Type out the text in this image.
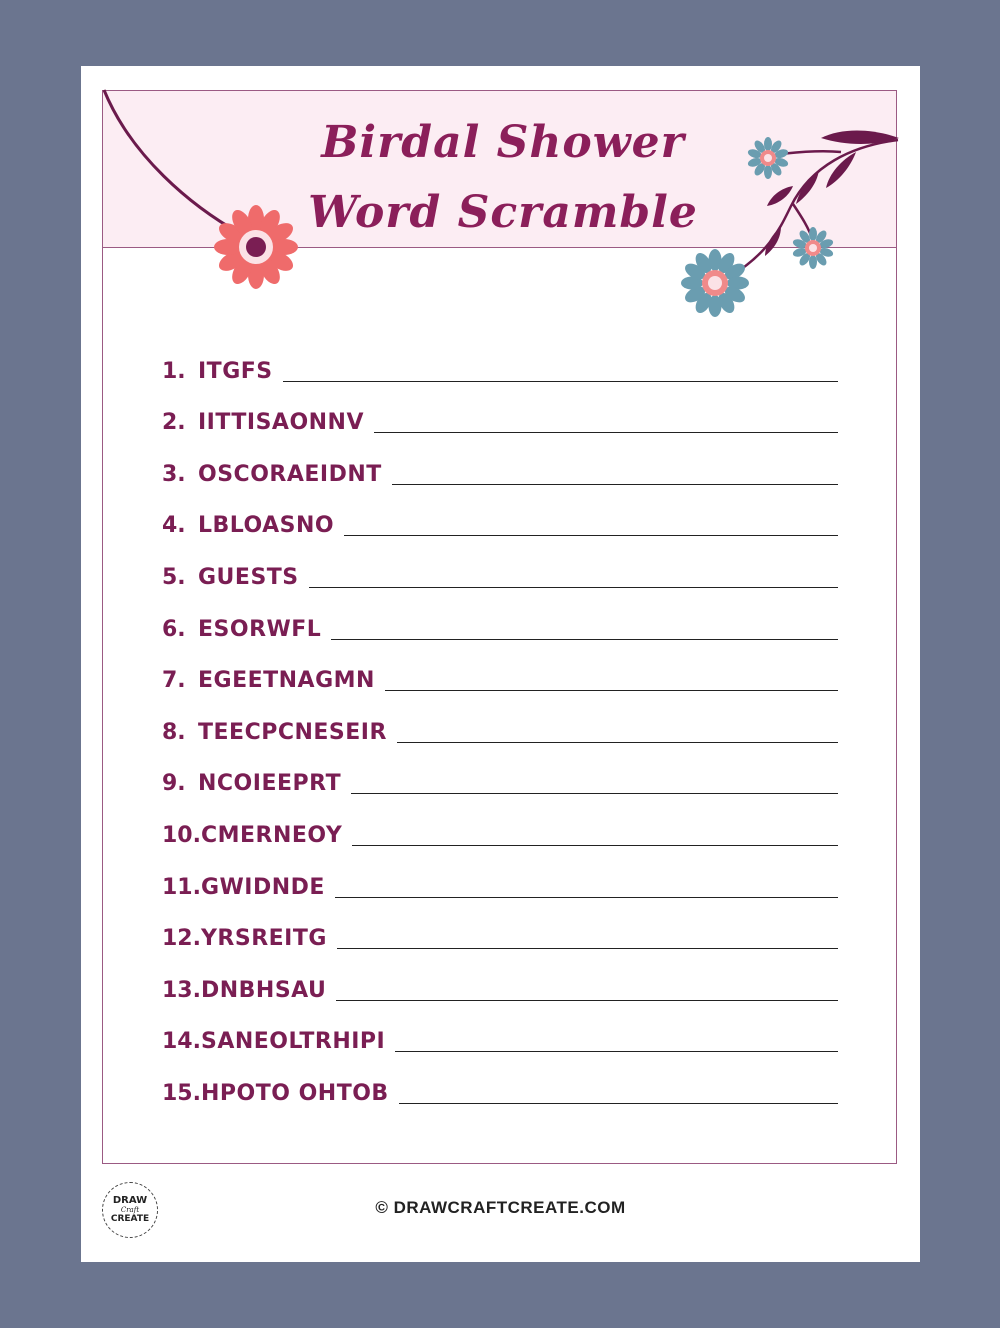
Birdal Shower
Word Scramble
DRAW
Craft
CREATE
© DRAWCRAFTCREATE.COM
1. ITGFS
2. IITTISAONNV
3. OSCORAEIDNT
4. LBLOASNO
5. GUESTS
6. ESORWFL
7. EGEETNAGMN
8. TEECPCNESEIR
9. NCOIEEPRT
10. CMERNEOY
11. GWIDNDE
12. YRSREITG
13. DNBHSAU
14. SANEOLTRHIPI
15. HPOTO OHTOB
